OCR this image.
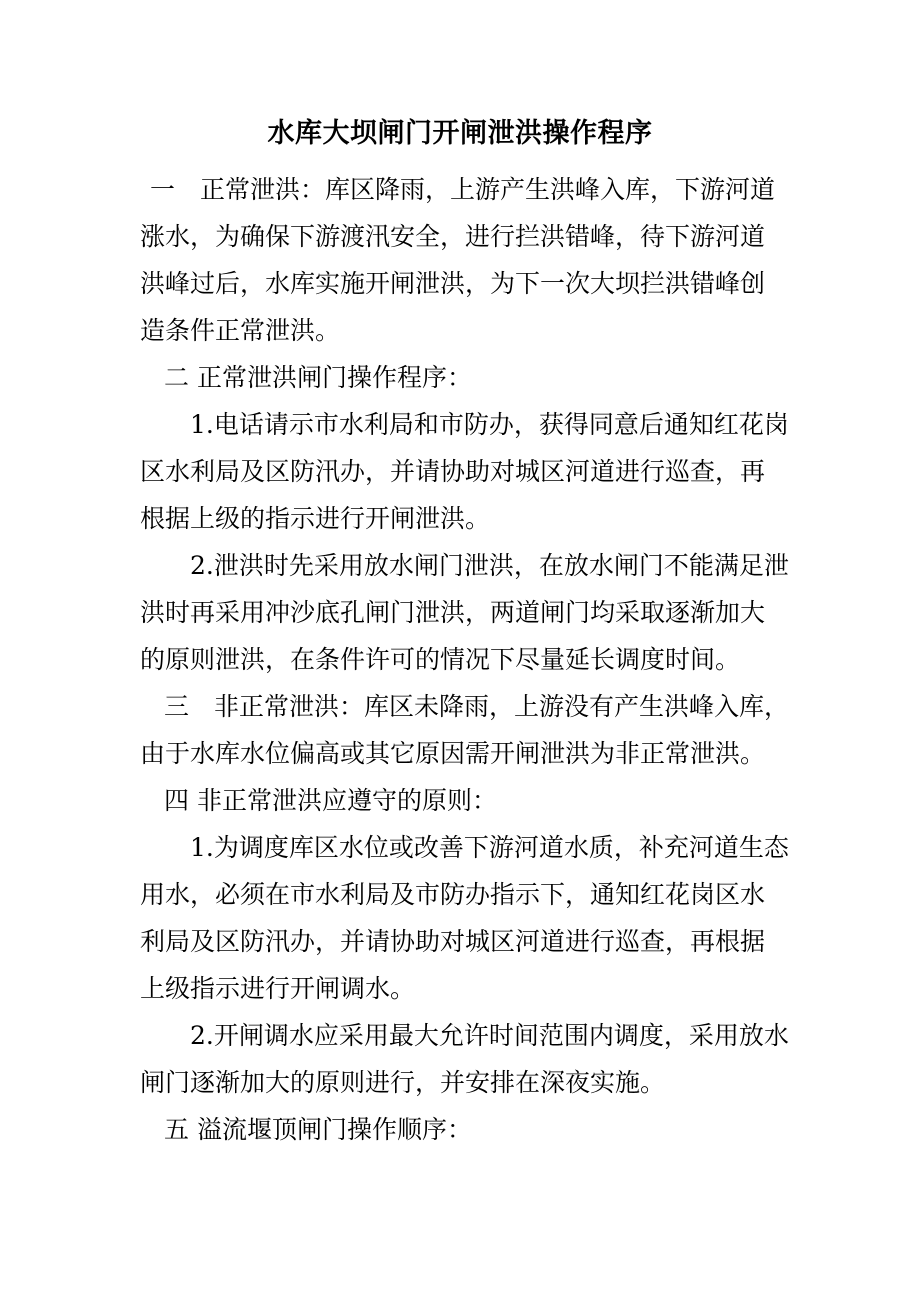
水库大坝闸门开闸泄洪操作程序
一　正常泄洪：库区降雨，上游产生洪峰入库，下游河道
涨水，为确保下游渡汛安全，进行拦洪错峰，待下游河道
洪峰过后，水库实施开闸泄洪，为下一次大坝拦洪错峰创
造条件正常泄洪。
二 正常泄洪闸门操作程序：
1.电话请示市水利局和市防办，获得同意后通知红花岗
区水利局及区防汛办，并请协助对城区河道进行巡查，再
根据上级的指示进行开闸泄洪。
2.泄洪时先采用放水闸门泄洪，在放水闸门不能满足泄
洪时再采用冲沙底孔闸门泄洪，两道闸门均采取逐渐加大
的原则泄洪，在条件许可的情况下尽量延长调度时间。
三　非正常泄洪：库区未降雨，上游没有产生洪峰入库，
由于水库水位偏高或其它原因需开闸泄洪为非正常泄洪。
四 非正常泄洪应遵守的原则：
1.为调度库区水位或改善下游河道水质，补充河道生态
用水，必须在市水利局及市防办指示下，通知红花岗区水
利局及区防汛办，并请协助对城区河道进行巡查，再根据
上级指示进行开闸调水。
2.开闸调水应采用最大允许时间范围内调度，采用放水
闸门逐渐加大的原则进行，并安排在深夜实施。
五 溢流堰顶闸门操作顺序：
